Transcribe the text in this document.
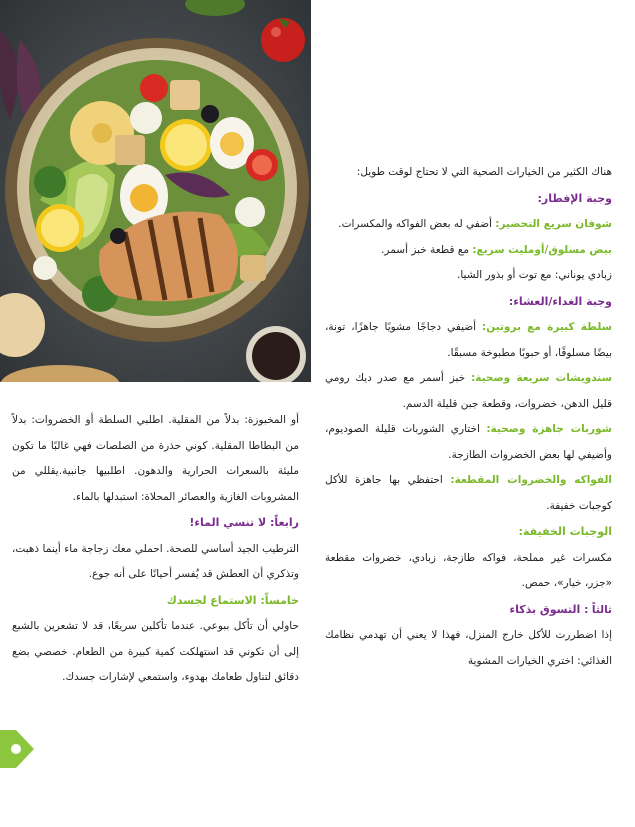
هناك الكثير من الخيارات الصحية التي لا تحتاج لوقت طويل:

وجبة الإفطار:

شوفان سريع التحضير: أضفي له بعض الفواكه والمكسرات.

بيض مسلوق/أومليت سريع: مع قطعة خبز أسمر.

زبادي يوناني: مع توت أو بذور الشيا.

وجبة الغداء/العشاء:

سلطة كبيرة مع بروتين: أضيفي دجاجًا مشويًا جاهزًا، تونة، بيضًا مسلوقًا، أو حبوبًا مطبوخة مسبقًا.

سندويشات سريعة وصحية: خبز أسمر مع صدر ديك رومي قليل الدهن، خضروات، وقطعة جبن قليلة الدسم.

شوربات جاهزة وصحية: اختاري الشوربات قليلة الصوديوم، وأضيفي لها بعض الخضروات الطازجة.

الفواكه والخضروات المقطعة: احتفظي بها جاهزة للأكل كوجبات خفيفة.

الوجبات الخفيفة:

مكسرات غير مملحة، فواكه طازجة، زبادي، خضروات مقطعة «جزر، خيار»، حمص.

ثالثاً : التسوق بذكاء

إذا اضطررت للأكل خارج المنزل، فهذا لا يعني أن تهدمي نظامك الغذائي: اختري الخيارات المشوية

أو المخبوزة: بدلاً من المقلية. اطلبي السلطة أو الخضروات: بدلاً من البطاطا المقلية. كوني حذرة من الصلصات فهي غالبًا ما تكون مليئة بالسعرات الحرارية والدهون. اطلبيها جانبية.يقللي من المشروبات الغازية والعصائر المحلاة: استبدلها بالماء.

رابعاً: لا تنسي الماء!

الترطيب الجيد أساسي للصحة. احملي معك زجاجة ماء أينما ذهبت، وتذكري أن العطش قد يُفسر أحيانًا على أنه جوع.

خامساً: الاستماع لجسدك

حاولي أن تأكل ببوعي. عندما تأكلين سريعًا، قد لا تشعرين بالشبع إلى أن تكوني قد استهلكت كمية كبيرة من الطعام. خصصي بضع دقائق لتناول طعامك بهدوء، واستمعي لإشارات جسدك.
